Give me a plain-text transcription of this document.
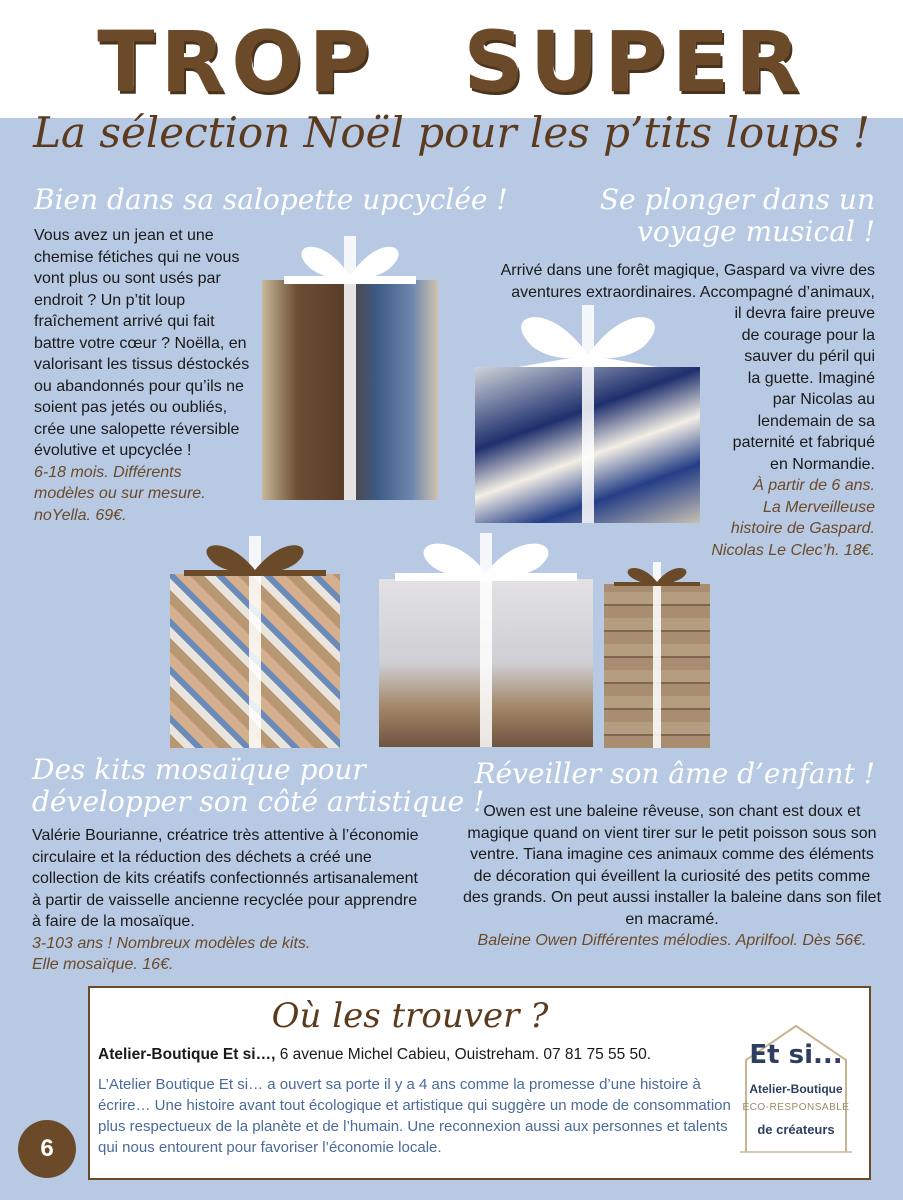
TROP SUPER
La sélection Noël pour les p’tits loups !
Bien dans sa salopette upcyclée !
Vous avez un jean et une chemise fétiches qui ne vous vont plus ou sont usés par endroit ? Un p’tit loup fraîchement arrivé qui fait battre votre cœur ? Noëlla, en valorisant les tissus déstockés ou abandonnés pour qu’ils ne soient pas jetés ou oubliés, crée une salopette réversible évolutive et upcyclée !
6-18 mois. Différents
modèles ou sur mesure.
noYella. 69€.
Se plonger dans un
voyage musical !
Arrivé dans une forêt magique, Gaspard va vivre des
aventures extraordinaires. Accompagné d’animaux,
il devra faire preuve
de courage pour la
sauver du péril qui
la guette. Imaginé
par Nicolas au
lendemain de sa
paternité et fabriqué
en Normandie.
À partir de 6 ans.
La Merveilleuse
histoire de Gaspard.
Nicolas Le Clec’h. 18€.
Des kits mosaïque pour
développer son côté artistique !
Valérie Bourianne, créatrice très attentive à l’économie circulaire et la réduction des déchets a créé une collection de kits créatifs confectionnés artisanalement à partir de vaisselle ancienne recyclée pour apprendre à faire de la mosaïque.
3-103 ans ! Nombreux modèles de kits.
Elle mosaïque. 16€.
Réveiller son âme d’enfant !
Owen est une baleine rêveuse, son chant est doux et magique quand on vient tirer sur le petit poisson sous son ventre. Tiana imagine ces animaux comme des éléments de décoration qui éveillent la curiosité des petits comme des grands. On peut aussi installer la baleine dans son filet en macramé.
Baleine Owen Différentes mélodies. Aprilfool. Dès 56€.
Où les trouver ?
Atelier-Boutique Et si…, 6 avenue Michel Cabieu, Ouistreham. 07 81 75 55 50.
L’Atelier Boutique Et si… a ouvert sa porte il y a 4 ans comme la promesse d’une histoire à écrire… Une histoire avant tout écologique et artistique qui suggère un mode de consommation plus respectueux de la planète et de l’humain. Une reconnexion aussi aux personnes et talents qui nous entourent pour favoriser l’économie locale.
Et si...
Atelier-Boutique
ÉCO-RESPONSABLE
de créateurs
6
